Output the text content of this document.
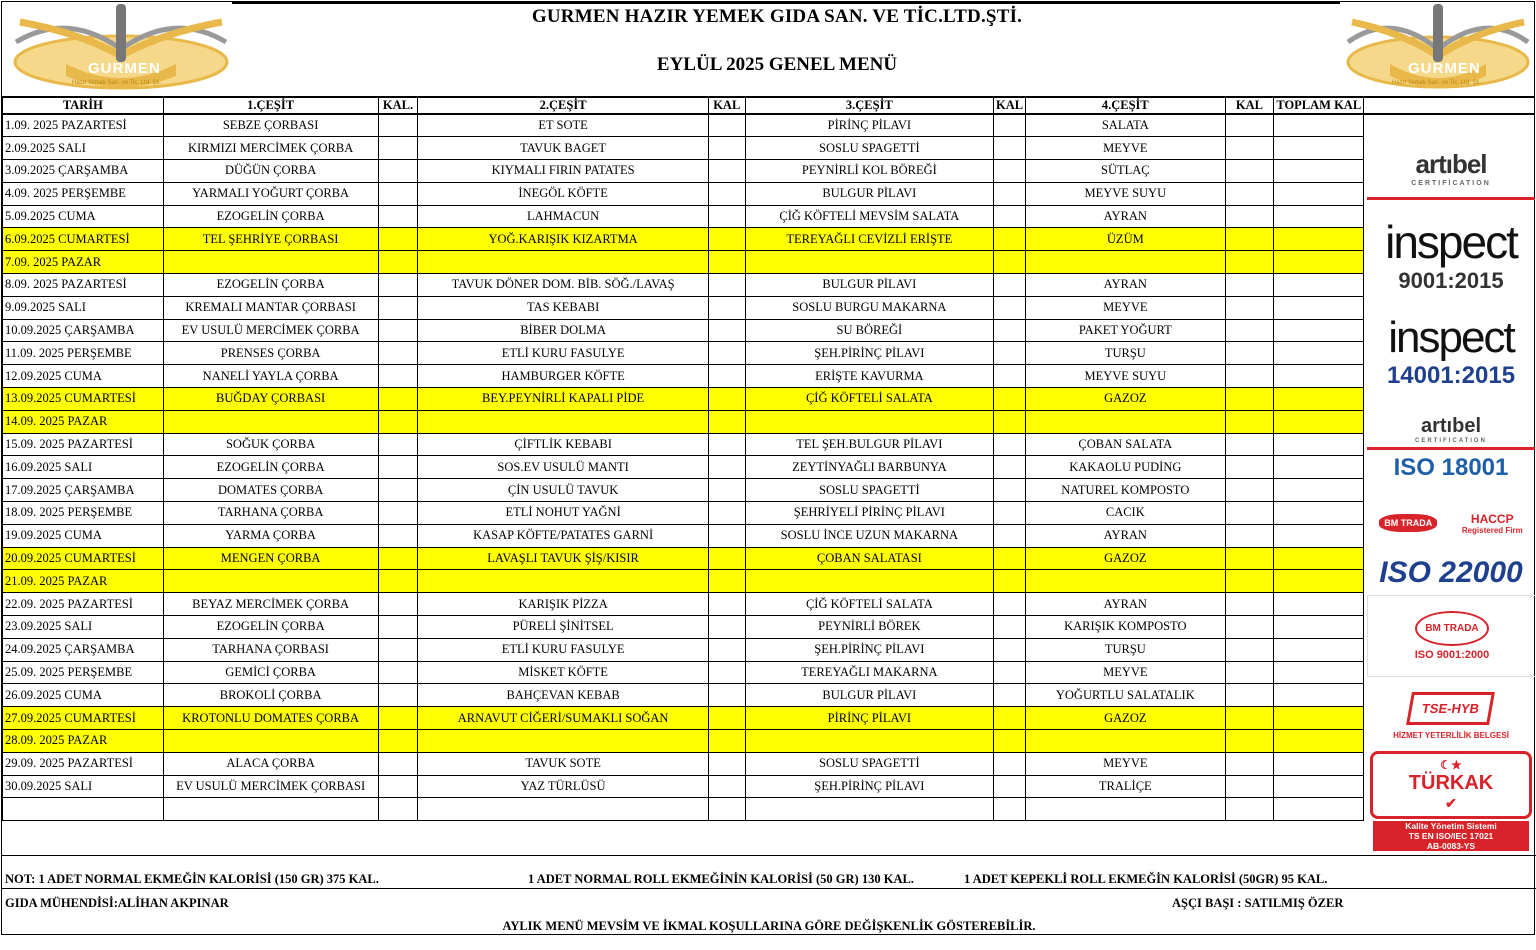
GURMEN
Hazır Yemek San. ve Tic. Ltd. Şti.
GURMEN HAZIR YEMEK GIDA SAN. VE TİC.LTD.ŞTİ.
EYLÜL 2025 GENEL MENÜ	GURMEN
Hazır Yemek San. ve Tic. Ltd. Şti.
TARİH	1.ÇEŞİT	KAL.	2.ÇEŞİT	KAL	3.ÇEŞİT	KAL	4.ÇEŞİT	KAL	TOPLAM KAL	
1.09. 2025 PAZARTESİ	SEBZE ÇORBASI		ET SOTE		PİRİNÇ PİLAVI		SALATA			
2.09.2025 SALI	KIRMIZI MERCİMEK ÇORBA		TAVUK BAGET		SOSLU SPAGETTİ		MEYVE			
3.09.2025 ÇARŞAMBA	DÜĞÜN ÇORBA		KIYMALI FIRIN PATATES		PEYNİRLİ KOL BÖREĞİ		SÜTLAÇ			
4.09. 2025 PERŞEMBE	YARMALI YOĞURT ÇORBA		İNEGÖL KÖFTE		BULGUR PİLAVI		MEYVE SUYU			
5.09.2025 CUMA	EZOGELİN ÇORBA		LAHMACUN		ÇİĞ KÖFTELİ MEVSİM SALATA		AYRAN			
6.09.2025 CUMARTESİ	TEL ŞEHRİYE ÇORBASI		YOĞ.KARIŞIK KIZARTMA		TEREYAĞLI CEVİZLİ ERİŞTE		ÜZÜM			
7.09. 2025 PAZAR										
8.09. 2025 PAZARTESİ	EZOGELİN ÇORBA		TAVUK DÖNER DOM. BİB. SÖĞ./LAVAŞ		BULGUR PİLAVI		AYRAN			
9.09.2025 SALI	KREMALI MANTAR ÇORBASI		TAS KEBABI		SOSLU BURGU MAKARNA		MEYVE			
10.09.2025 ÇARŞAMBA	EV USULÜ MERCİMEK ÇORBA		BİBER DOLMA		SU BÖREĞİ		PAKET YOĞURT			
11.09. 2025 PERŞEMBE	PRENSES ÇORBA		ETLİ KURU FASULYE		ŞEH.PİRİNÇ PİLAVI		TURŞU			
12.09.2025 CUMA	NANELİ YAYLA ÇORBA		HAMBURGER KÖFTE		ERİŞTE KAVURMA		MEYVE SUYU			
13.09.2025 CUMARTESİ	BUĞDAY ÇORBASI		BEY.PEYNİRLİ KAPALI PİDE		ÇİĞ KÖFTELİ SALATA		GAZOZ			
14.09. 2025 PAZAR										
15.09. 2025 PAZARTESİ	SOĞUK ÇORBA		ÇİFTLİK KEBABI		TEL ŞEH.BULGUR PİLAVI		ÇOBAN SALATA			
16.09.2025 SALI	EZOGELİN ÇORBA		SOS.EV USULÜ MANTI		ZEYTİNYAĞLI BARBUNYA		KAKAOLU PUDİNG			
17.09.2025 ÇARŞAMBA	DOMATES ÇORBA		ÇİN USULÜ TAVUK		SOSLU SPAGETTİ		NATUREL KOMPOSTO			
18.09. 2025 PERŞEMBE	TARHANA ÇORBA		ETLİ NOHUT YAĞNİ		ŞEHRİYELİ PİRİNÇ PİLAVI		CACIK			
19.09.2025 CUMA	YARMA ÇORBA		KASAP KÖFTE/PATATES GARNİ		SOSLU İNCE UZUN MAKARNA		AYRAN			
20.09.2025 CUMARTESİ	MENGEN ÇORBA		LAVAŞLI TAVUK ŞİŞ/KISIR		ÇOBAN SALATASI		GAZOZ			
21.09. 2025 PAZAR										
22.09. 2025 PAZARTESİ	BEYAZ MERCİMEK ÇORBA		KARIŞIK PİZZA		ÇİĞ KÖFTELİ SALATA		AYRAN			
23.09.2025 SALI	EZOGELİN ÇORBA		PÜRELİ ŞİNİTSEL		PEYNİRLİ BÖREK		KARIŞIK KOMPOSTO			
24.09.2025 ÇARŞAMBA	TARHANA ÇORBASI		ETLİ KURU FASULYE		ŞEH.PİRİNÇ PİLAVI		TURŞU			
25.09. 2025 PERŞEMBE	GEMİCİ ÇORBA		MİSKET KÖFTE		TEREYAĞLI MAKARNA		MEYVE			
26.09.2025 CUMA	BROKOLİ ÇORBA		BAHÇEVAN KEBAB		BULGUR PİLAVI		YOĞURTLU SALATALIK			
27.09.2025 CUMARTESİ	KROTONLU DOMATES ÇORBA		ARNAVUT CİĞERİ/SUMAKLI SOĞAN		PİRİNÇ PİLAVI		GAZOZ			
28.09. 2025 PAZAR										
29.09. 2025 PAZARTESİ	ALACA ÇORBA		TAVUK SOTE		SOSLU SPAGETTİ		MEYVE			
30.09.2025 SALI	EV USULÜ MERCİMEK ÇORBASI		YAZ TÜRLÜSÜ		ŞEH.PİRİNÇ PİLAVI		TRALİÇE			

artıbel
CERTIFICATION
inspect
9001:2015
inspect
14001:2015
artıbel
CERTIFICATION
ISO 18001
BM TRADA	HACCP
Registered Firm
ISO 22000
BM TRADA
ISO 9001:2000
TSE-HYB
HİZMET YETERLİLİK BELGESİ
☾★
TÜRKAK
✔
Kalite Yönetim Sistemi
TS EN ISO/IEC 17021
AB-0083-YS
NOT: 1 ADET NORMAL EKMEĞİN KALORİSİ (150 GR) 375 KAL.	1 ADET NORMAL ROLL EKMEĞİNİN KALORİSİ (50 GR) 130 KAL.	1 ADET KEPEKLİ ROLL EKMEĞİN KALORİSİ (50GR) 95 KAL.
GIDA MÜHENDİSİ:ALİHAN AKPINAR	AŞÇI BAŞI : SATILMIŞ ÖZER
AYLIK MENÜ MEVSİM VE İKMAL KOŞULLARINA GÖRE DEĞİŞKENLİK GÖSTEREBİLİR.
